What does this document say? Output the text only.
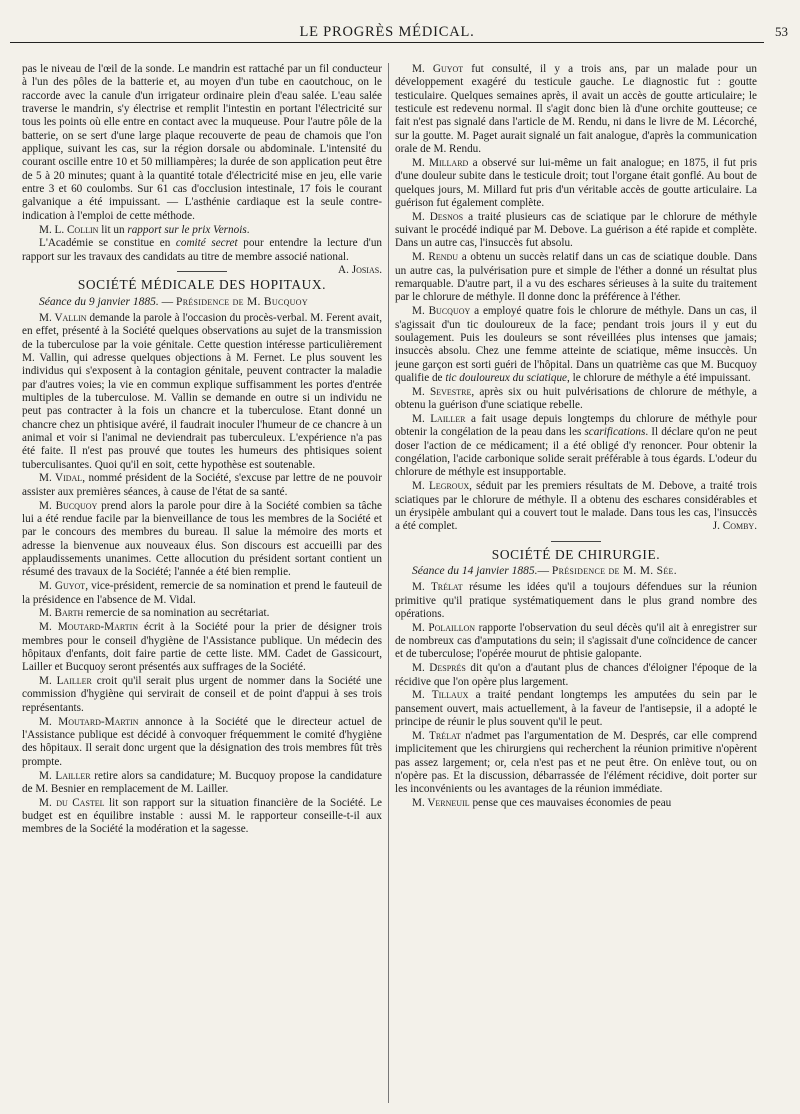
LE PROGRÈS MÉDICAL.	53

pas le niveau de l'œil de la sonde. Le mandrin est rattaché par un fil conducteur à l'un des pôles de la batterie et, au moyen d'un tube en caoutchouc, on le raccorde avec la canule d'un irrigateur ordinaire plein d'eau salée. L'eau salée traverse le mandrin, s'y électrise et remplit l'intestin en portant l'électricité sur tous les points où elle entre en contact avec la muqueuse. Pour l'autre pôle de la batterie, on se sert d'une large plaque recouverte de peau de chamois que l'on applique, suivant les cas, sur la région dorsale ou abdominale. L'intensité du courant oscille entre 10 et 50 milliampères; la durée de son application peut être de 5 à 20 minutes; quant à la quantité totale d'électricité mise en jeu, elle varie entre 3 et 60 coulombs. Sur 61 cas d'occlusion intestinale, 17 fois le courant galvanique a été impuissant. — L'asthénie cardiaque est la seule contre-indication à l'emploi de cette méthode.

M. L. Collin lit un rapport sur le prix Vernois.

L'Académie se constitue en comité secret pour entendre la lecture d'un rapport sur les travaux des candidats au titre de membre associé national.
A. Josias.

SOCIÉTÉ MÉDICALE DES HOPITAUX.
Séance du 9 janvier 1885. — Présidence de M. Bucquoy

M. Vallin demande la parole à l'occasion du procès-verbal. M. Ferent avait, en effet, présenté à la Société quelques observations au sujet de la transmission de la tuberculose par la voie génitale. Cette question intéresse particulièrement M. Vallin, qui adresse quelques objections à M. Fernet. Le plus souvent les individus qui s'exposent à la contagion génitale, peuvent contracter la maladie par d'autres voies; la vie en commun explique suffisamment les portes d'entrée multiples de la tuberculose. M. Vallin se demande en outre si un individu ne peut pas contracter à la fois un chancre et la tuberculose. Etant donné un chancre chez un phtisique avéré, il faudrait inoculer l'humeur de ce chancre à un animal et voir si l'animal ne deviendrait pas tuberculeux. L'expérience n'a pas été faite. Il n'est pas prouvé que toutes les humeurs des phtisiques soient tuberculisantes. Quoi qu'il en soit, cette hypothèse est soutenable.

M. Vidal, nommé président de la Société, s'excuse par lettre de ne pouvoir assister aux premières séances, à cause de l'état de sa santé.

M. Bucquoy prend alors la parole pour dire à la Société combien sa tâche lui a été rendue facile par la bienveillance de tous les membres de la Société et par le concours des membres du bureau. Il salue la mémoire des morts et adresse la bienvenue aux nouveaux élus. Son discours est accueilli par des applaudissements unanimes. Cette allocution du président sortant contient un résumé des travaux de la Société; l'année a été bien remplie.

M. Guyot, vice-président, remercie de sa nomination et prend le fauteuil de la présidence en l'absence de M. Vidal.

M. Barth remercie de sa nomination au secrétariat.

M. Moutard-Martin écrit à la Société pour la prier de désigner trois membres pour le conseil d'hygiène de l'Assistance publique. Un médecin des hôpitaux d'enfants, doit faire partie de cette liste. MM. Cadet de Gassicourt, Lailler et Bucquoy seront présentés aux suffrages de la Société.

M. Lailler croit qu'il serait plus urgent de nommer dans la Société une commission d'hygiène qui servirait de conseil et de point d'appui à ses trois représentants.

M. Moutard-Martin annonce à la Société que le directeur actuel de l'Assistance publique est décidé à convoquer fréquemment le comité d'hygiène des hôpitaux. Il serait donc urgent que la désignation des trois membres fût très prompte.

M. Lailler retire alors sa candidature; M. Bucquoy propose la candidature de M. Besnier en remplacement de M. Lailler.

M. du Castel lit son rapport sur la situation financière de la Société. Le budget est en équilibre instable : aussi M. le rapporteur conseille-t-il aux membres de la Société la modération et la sagesse.

M. Guyot fut consulté, il y a trois ans, par un malade pour un développement exagéré du testicule gauche. Le diagnostic fut : goutte testiculaire. Quelques semaines après, il avait un accès de goutte articulaire; le testicule est redevenu normal. Il s'agit donc bien là d'une orchite goutteuse; ce fait n'est pas signalé dans l'article de M. Rendu, ni dans le livre de M. Lécorché, sur la goutte. M. Paget aurait signalé un fait analogue, d'après la communication orale de M. Rendu.

M. Millard a observé sur lui-même un fait analogue; en 1875, il fut pris d'une douleur subite dans le testicule droit; tout l'organe était gonflé. Au bout de quelques jours, M. Millard fut pris d'un véritable accès de goutte articulaire. La guérison fut également complète.

M. Desnos a traité plusieurs cas de sciatique par le chlorure de méthyle suivant le procédé indiqué par M. Debove. La guérison a été rapide et complète. Dans un autre cas, l'insuccès fut absolu.

M. Rendu a obtenu un succès relatif dans un cas de sciatique double. Dans un autre cas, la pulvérisation pure et simple de l'éther a donné un résultat plus remarquable. D'autre part, il a vu des eschares sérieuses à la suite du traitement par le chlorure de méthyle. Il donne donc la préférence à l'éther.

M. Bucquoy a employé quatre fois le chlorure de méthyle. Dans un cas, il s'agissait d'un tic douloureux de la face; pendant trois jours il y eut du soulagement. Puis les douleurs se sont réveillées plus intenses que jamais; insuccès absolu. Chez une femme atteinte de sciatique, même insuccès. Un jeune garçon est sorti guéri de l'hôpital. Dans un quatrième cas que M. Bucquoy qualifie de tic douloureux du sciatique, le chlorure de méthyle a été impuissant.

M. Sevestre, après six ou huit pulvérisations de chlorure de méthyle, a obtenu la guérison d'une sciatique rebelle.

M. Lailler a fait usage depuis longtemps du chlorure de méthyle pour obtenir la congélation de la peau dans les scarifications. Il déclare qu'on ne peut doser l'action de ce médicament; il a été obligé d'y renoncer. Pour obtenir la congélation, l'acide carbonique solide serait préférable à tous égards. L'odeur du chlorure de méthyle est insupportable.

M. Legroux, séduit par les premiers résultats de M. Debove, a traité trois sciatiques par le chlorure de méthyle. Il a obtenu des eschares considérables et un érysipèle ambulant qui a couvert tout le malade. Dans tous les cas, l'insuccès a été complet.	J. Comby.

SOCIÉTÉ DE CHIRURGIE.
Séance du 14 janvier 1885.— Présidence de M. M. Sée.

M. Trélat résume les idées qu'il a toujours défendues sur la réunion primitive qu'il pratique systématiquement dans le plus grand nombre des opérations.

M. Polaillon rapporte l'observation du seul décès qu'il ait à enregistrer sur de nombreux cas d'amputations du sein; il s'agissait d'une coïncidence de cancer et de tuberculose; l'opérée mourut de phtisie galopante.

M. Després dit qu'on a d'autant plus de chances d'éloigner l'époque de la récidive que l'on opère plus largement.

M. Tillaux a traité pendant longtemps les amputées du sein par le pansement ouvert, mais actuellement, à la faveur de l'antisepsie, il a adopté le principe de réunir le plus souvent qu'il le peut.

M. Trélat n'admet pas l'argumentation de M. Després, car elle comprend implicitement que les chirurgiens qui recherchent la réunion primitive n'opèrent pas assez largement; or, cela n'est pas et ne peut être. On enlève tout, ou on n'opère pas. Et la discussion, débarrassée de l'élément récidive, doit porter sur les inconvénients ou les avantages de la réunion immédiate.

M. Verneuil pense que ces mauvaises économies de peau
